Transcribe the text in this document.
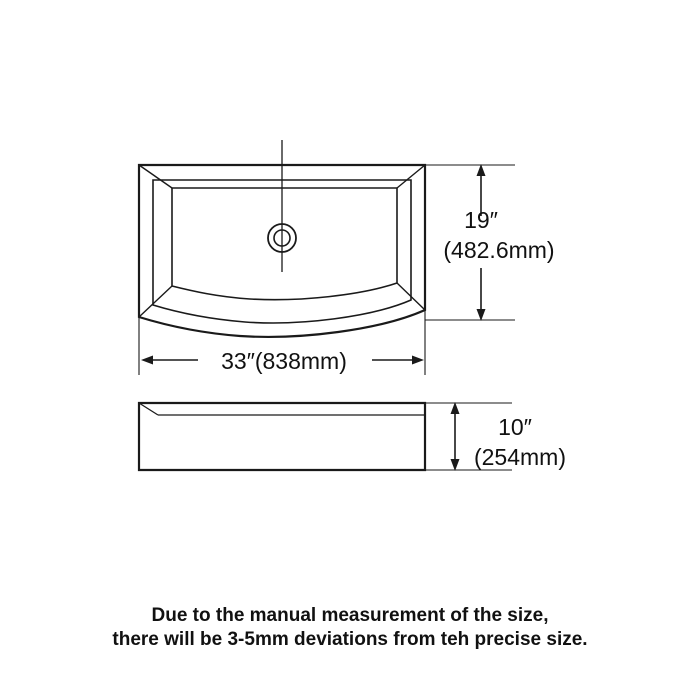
19″
(482.6mm)
33″(838mm)
10″
(254mm)
Due to the manual measurement of the size,
there will be 3-5mm deviations from teh precise size.
